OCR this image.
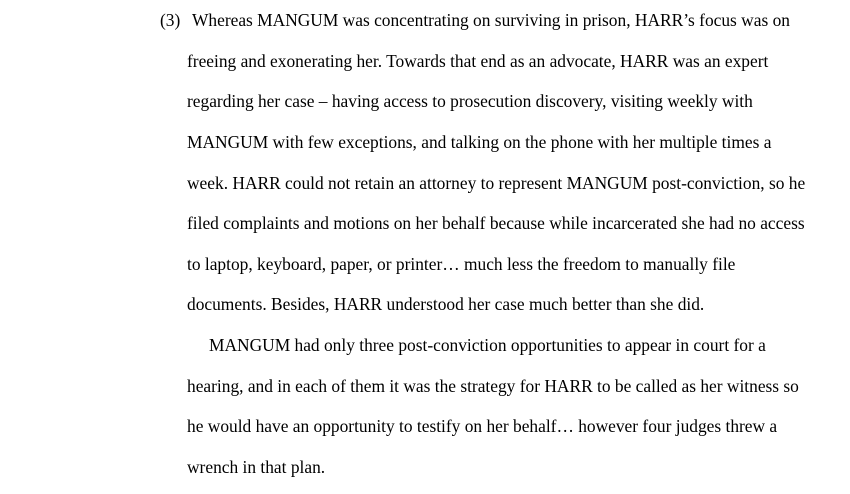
(3) Whereas MANGUM was concentrating on surviving in prison, HARR’s focus was on
freeing and exonerating her. Towards that end as an advocate, HARR was an expert
regarding her case – having access to prosecution discovery, visiting weekly with
MANGUM with few exceptions, and talking on the phone with her multiple times a
week. HARR could not retain an attorney to represent MANGUM post-conviction, so he
filed complaints and motions on her behalf because while incarcerated she had no access
to laptop, keyboard, paper, or printer… much less the freedom to manually file
documents. Besides, HARR understood her case much better than she did.
MANGUM had only three post-conviction opportunities to appear in court for a
hearing, and in each of them it was the strategy for HARR to be called as her witness so
he would have an opportunity to testify on her behalf… however four judges threw a
wrench in that plan.
